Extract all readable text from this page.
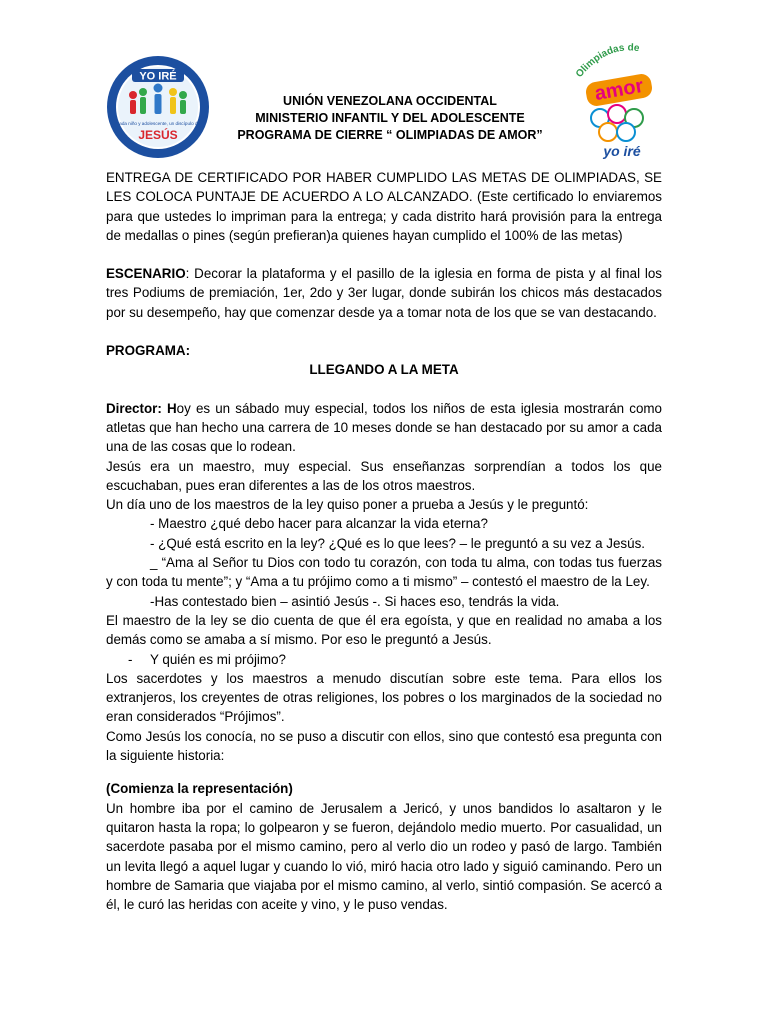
YO IRÉ
Cada niño y adolescente, un discípulo de
JESÚS
UNIÓN VENEZOLANA OCCIDENTAL
MINISTERIO INFANTIL Y DEL ADOLESCENTE
PROGRAMA DE CIERRE “ OLIMPIADAS DE AMOR”
Olimpiadas de
amor
yo iré

ENTREGA DE CERTIFICADO POR HABER CUMPLIDO LAS METAS DE OLIMPIADAS, SE LES COLOCA PUNTAJE DE ACUERDO A LO ALCANZADO. (Este certificado lo enviaremos para que ustedes lo impriman para la entrega; y cada distrito hará provisión para la entrega de medallas o pines (según prefieran)a quienes hayan cumplido el 100% de las metas)

ESCENARIO: Decorar la plataforma y el pasillo de la iglesia en forma de pista y al final los tres Podiums de premiación, 1er, 2do y 3er lugar, donde subirán los chicos más destacados por su desempeño, hay que comenzar desde ya a tomar nota de los que se van destacando.

PROGRAMA:

LLEGANDO A LA META

Director: Hoy es un sábado muy especial, todos los niños de esta iglesia mostrarán como atletas que han hecho una carrera de 10 meses donde se han destacado por su amor a cada una de las cosas que lo rodean.

Jesús era un maestro, muy especial. Sus enseñanzas sorprendían a todos los que escuchaban, pues eran diferentes a las de los otros maestros.

Un día uno de los maestros de la ley quiso poner a prueba a Jesús y le preguntó:

- Maestro ¿qué debo hacer para alcanzar la vida eterna?

- ¿Qué está escrito en la ley? ¿Qué es lo que lees? – le preguntó a su vez a Jesús.

_ “Ama al Señor tu Dios con todo tu corazón, con toda tu alma, con todas tus fuerzas y con toda tu mente”; y “Ama a tu prójimo como a ti mismo” – contestó el maestro de la Ley.

-Has contestado bien – asintió Jesús -. Si haces eso, tendrás la vida.

El maestro de la ley se dio cuenta de que él era egoísta, y que en realidad no amaba a los demás como se amaba a sí mismo. Por eso le preguntó a Jesús.

- Y quién es mi prójimo?

Los sacerdotes y los maestros a menudo discutían sobre este tema. Para ellos los extranjeros, los creyentes de otras religiones, los pobres o los marginados de la sociedad no eran considerados “Prójimos”.

Como Jesús los conocía, no se puso a discutir con ellos, sino que contestó esa pregunta con la siguiente historia:

(Comienza la representación)

Un hombre iba por el camino de Jerusalem a Jericó, y unos bandidos lo asaltaron y le quitaron hasta la ropa; lo golpearon y se fueron, dejándolo medio muerto. Por casualidad, un sacerdote pasaba por el mismo camino, pero al verlo dio un rodeo y pasó de largo. También un levita llegó a aquel lugar y cuando lo vió, miró hacia otro lado y siguió caminando. Pero un hombre de Samaria que viajaba por el mismo camino, al verlo, sintió compasión. Se acercó a él, le curó las heridas con aceite y vino, y le puso vendas.
